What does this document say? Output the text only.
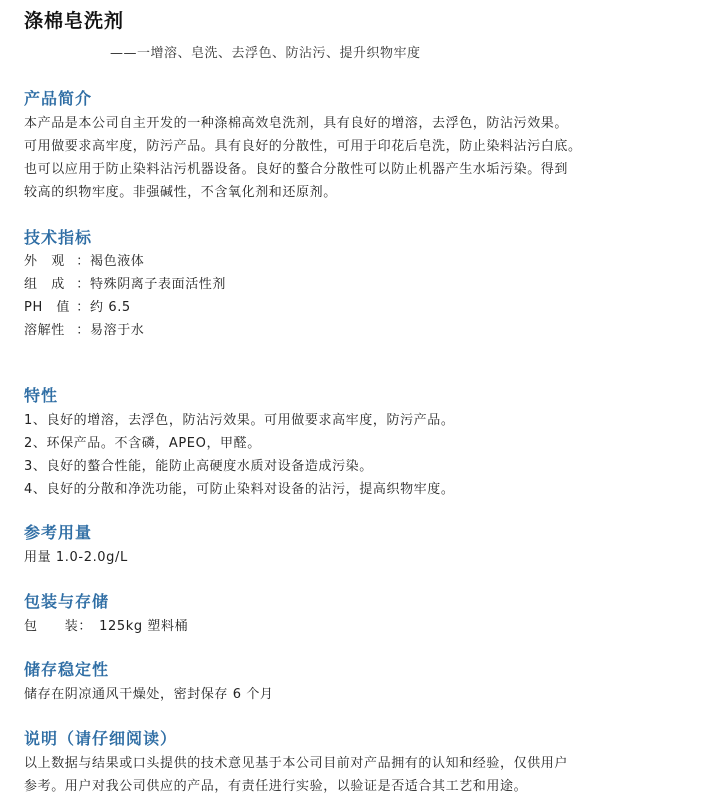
涤棉皂洗剂
——一增溶、皂洗、去浮色、防沾污、提升织物牢度
产品简介
本产品是本公司自主开发的一种涤棉高效皂洗剂，具有良好的增溶，去浮色，防沾污效果。
可用做要求高牢度，防污产品。具有良好的分散性，可用于印花后皂洗，防止染料沾污白底。
也可以应用于防止染料沾污机器设备。良好的螯合分散性可以防止机器产生水垢污染。得到
较高的织物牢度。非强碱性，不含氧化剂和还原剂。
技术指标
外　观 ：褐色液体
组　成 ：特殊阴离子表面活性剂
PH　值 ：约 6.5
溶解性 ：易溶于水
特性
1、良好的增溶，去浮色，防沾污效果。可用做要求高牢度，防污产品。
2、环保产品。不含磷，APEO，甲醛。
3、良好的螯合性能，能防止高硬度水质对设备造成污染。
4、良好的分散和净洗功能，可防止染料对设备的沾污，提高织物牢度。
参考用量
用量 1.0-2.0g/L
包装与存储
包　　装：　125kg 塑料桶
储存稳定性
储存在阴凉通风干燥处，密封保存 6 个月
说明（请仔细阅读）
以上数据与结果或口头提供的技术意见基于本公司目前对产品拥有的认知和经验，仅供用户
参考。用户对我公司供应的产品，有责任进行实验，以验证是否适合其工艺和用途。
